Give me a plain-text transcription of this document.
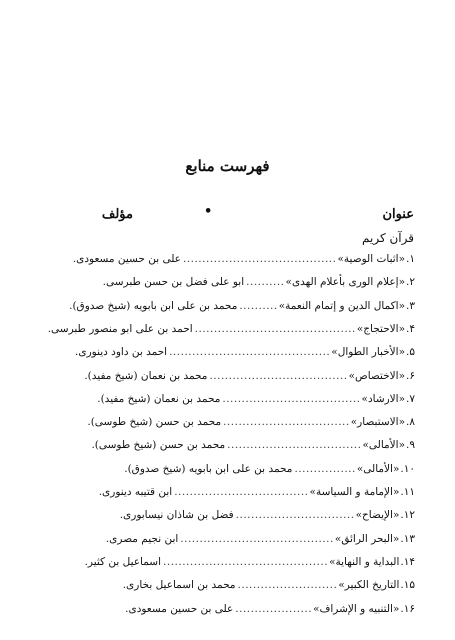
فهرست منابع
عنوان
•
مؤلف
قرآن کریم
١.
«اثبات الوصية»
........................................
على بن حسين مسعودى.
٢.
«إعلام الورى بأعلام الهدى»
..........
ابو على فضل بن حسن طبرسى.
٣.
«اكمال الدين و إتمام النعمة»
..........
محمد بن على ابن بابويه (شيخ صدوق).
۴.
«الاحتجاج»
..........................................
احمد بن على ابو منصور طبرسى.
۵.
«الأخبار الطوال»
..........................................
احمد بن داود دينورى.
۶.
«الاختصاص»
....................................
محمد بن نعمان (شيخ مفيد).
٧.
«الارشاد»
....................................
محمد بن نعمان (شيخ مفيد).
٨.
«الاستبصار»
.................................
محمد بن حسن (شيخ طوسى).
٩.
«الأمالى»
...................................
محمد بن حسن (شيخ طوسى).
١٠.
«الأمالى»
................
محمد بن على ابن بابويه (شيخ صدوق).
١١.
«الإمامة و السياسة»
...................................
ابن قتيبه دينورى.
١٢.
«الإيضاح»
...............................
فضل بن شاذان نيسابورى.
١٣.
«البحر الرائق»
........................................
ابن نجيم مصرى.
١۴.
البداية و النهاية»
...........................................
اسماعيل بن كثير.
١۵.
التاريخ الكبير»
..........................
محمد بن اسماعيل بخارى.
١۶.
«التنبيه و الإشراف»
....................
على بن حسين مسعودى.
